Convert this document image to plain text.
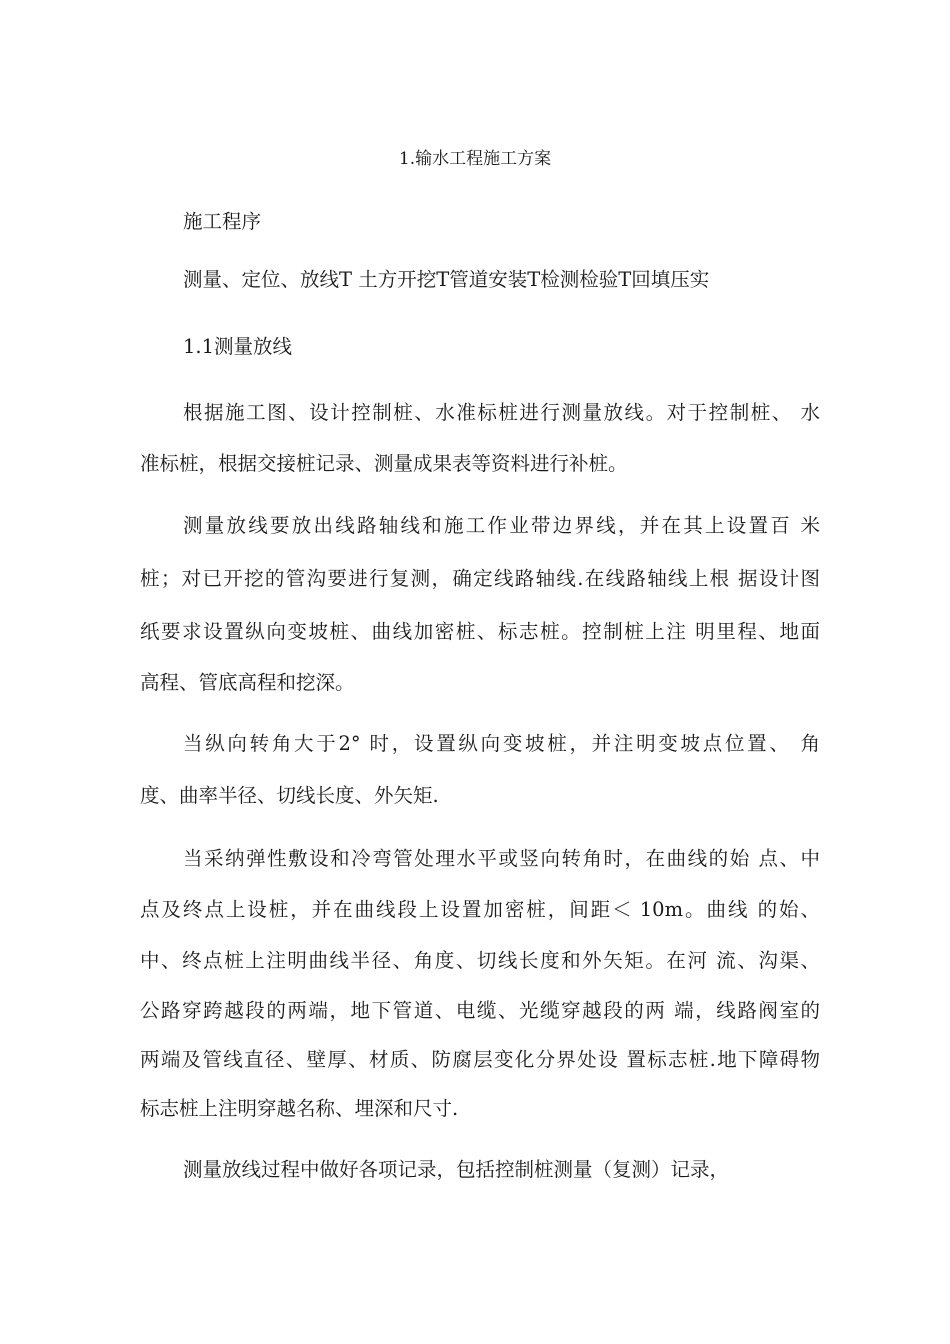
1.输水工程施工方案
施工程序
测量、定位、放线T 土方开挖T管道安装T检测检验T回填压实
1.1测量放线
根据施工图、设计控制桩、水准标桩进行测量放线。对于控制桩、 水
准标桩，根据交接桩记录、测量成果表等资料进行补桩。
测量放线要放出线路轴线和施工作业带边界线，并在其上设置百 米
桩；对已开挖的管沟要进行复测，确定线路轴线.在线路轴线上根 据设计图
纸要求设置纵向变坡桩、曲线加密桩、标志桩。控制桩上注 明里程、地面
高程、管底高程和挖深。
当纵向转角大于2° 时，设置纵向变坡桩，并注明变坡点位置、 角
度、曲率半径、切线长度、外矢矩.
当采纳弹性敷设和冷弯管处理水平或竖向转角时，在曲线的始 点、中
点及终点上设桩，并在曲线段上设置加密桩，间距＜ 10m。曲线 的始、
中、终点桩上注明曲线半径、角度、切线长度和外矢矩。在河 流、沟渠、
公路穿跨越段的两端，地下管道、电缆、光缆穿越段的两 端，线路阀室的
两端及管线直径、壁厚、材质、防腐层变化分界处设 置标志桩.地下障碍物
标志桩上注明穿越名称、埋深和尺寸.
测量放线过程中做好各项记录，包括控制桩测量（复测）记录，
